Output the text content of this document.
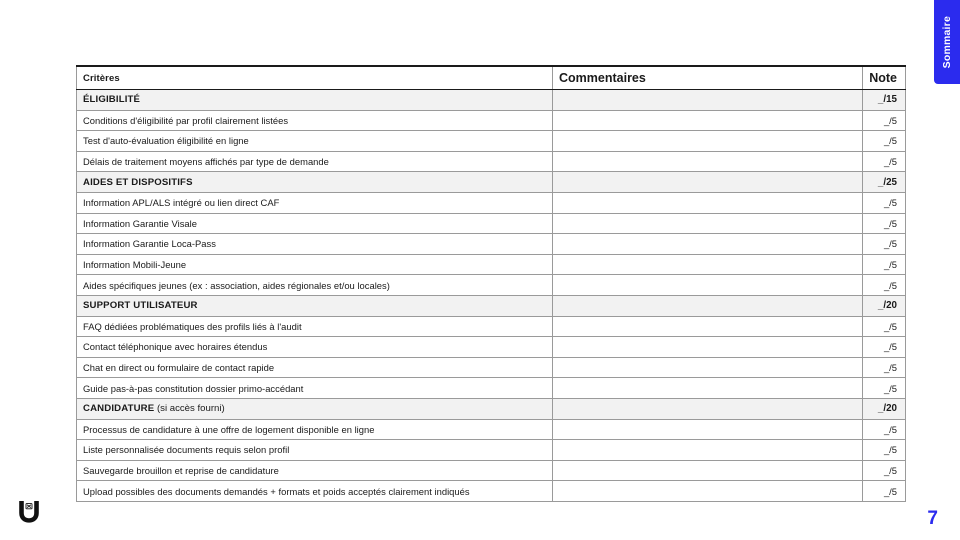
Sommaire
Critères	Commentaires	Note
ÉLIGIBILITÉ		_/15
Conditions d'éligibilité par profil clairement listées		_/5
Test d'auto-évaluation éligibilité en ligne		_/5
Délais de traitement moyens affichés par type de demande		_/5
AIDES ET DISPOSITIFS		_/25
Information APL/ALS intégré ou lien direct CAF		_/5
Information Garantie Visale		_/5
Information Garantie Loca-Pass		_/5
Information Mobili-Jeune		_/5
Aides spécifiques jeunes (ex : association, aides régionales et/ou locales)		_/5
SUPPORT UTILISATEUR		_/20
FAQ dédiées problématiques des profils liés à l'audit		_/5
Contact téléphonique avec horaires étendus		_/5
Chat en direct ou formulaire de contact rapide		_/5
Guide pas-à-pas constitution dossier primo-accédant		_/5
CANDIDATURE (si accès fourni)		_/20
Processus de candidature à une offre de logement disponible en ligne		_/5
Liste personnalisée documents requis selon profil		_/5
Sauvegarde brouillon et reprise de candidature		_/5
Upload possibles des documents demandés + formats et poids acceptés clairement indiqués		_/5
7
